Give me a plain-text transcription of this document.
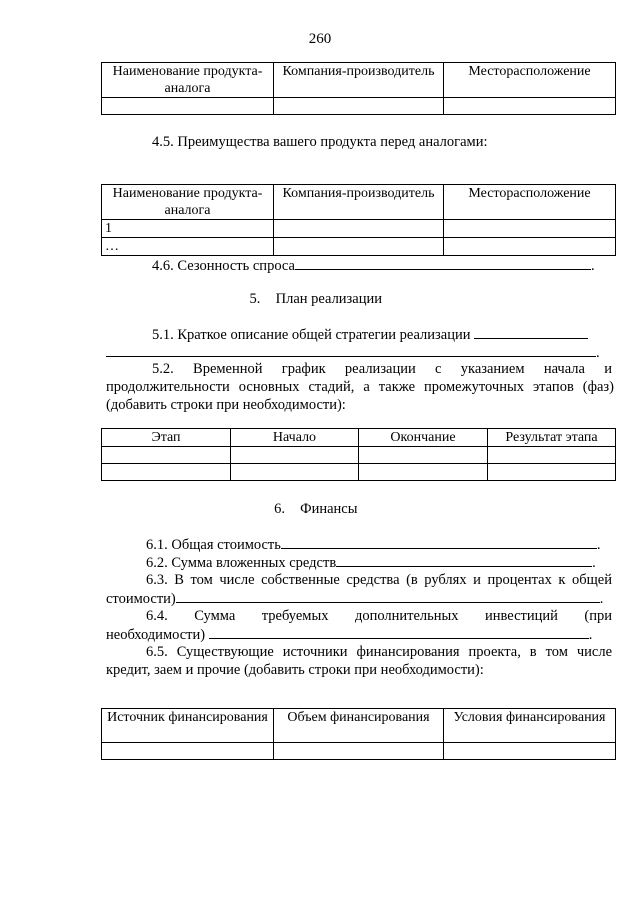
260
Наименование продукта-аналога	Компания-производитель	Месторасположение

4.5. Преимущества вашего продукта перед аналогами:

Наименование продукта-аналога	Компания-производитель	Месторасположение
1		
…		

4.6. Сезонность спроса	.

5. План реализации

5.1. Краткое описание общей стратегии реализации

.

5.2. Временной график реализации с указанием начала и

продолжительности основных стадий, а также промежуточных этапов (фаз)

(добавить строки при необходимости):

Этап	Начало	Окончание	Результат этапа

6. Финансы

6.1. Общая стоимость	.

6.2. Сумма вложенных средств	.

6.3. В том числе собственные средства (в рублях и процентах к общей

стоимости)	.

6.4. Сумма требуемых дополнительных инвестиций (при

необходимости)	.

6.5. Существующие источники финансирования проекта, в том числе

кредит, заем и прочие (добавить строки при необходимости):

Источник финансирования	Объем финансирования	Условия финансирования
